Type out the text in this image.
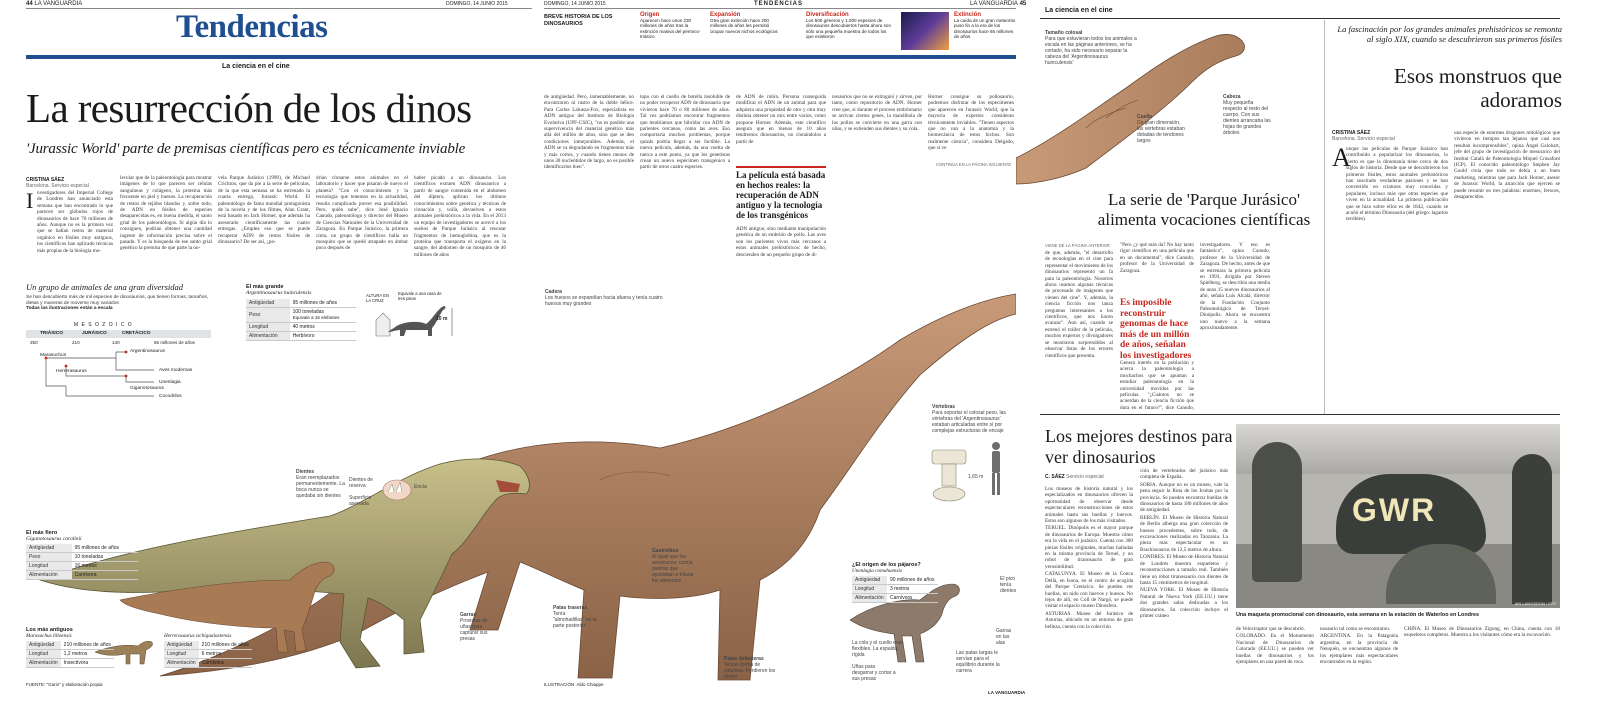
44 LA VANGUARDIA	DOMINGO, 14 JUNIO 2015
Tendencias
La ciencia en el cine
La resurrección de los dinos
'Jurassic World' parte de premisas científicas pero es técnicamente inviable
CRISTINA SÁEZ
Barcelona. Servicio especial
I nvestigadores del Imperial College de Londres han anunciado esta semana que han encontrado lo que parecen ser glóbulos rojos de dinosaurios de hace 70 millones de años. Aunque no es la primera vez que se hallan restos de material orgánico en fósiles muy antiguos, los científicos han aplicado técnicas más propias de la biología mo-
lecular que de la paleontología para mostrar imágenes de lo que parecen ser células sanguíneas y colágeno, la proteína más frecuente en piel y huesos. La recuperación de restos de tejidos blandos y, sobre todo, de ADN en fósiles de especies desaparecidas es, en buena medida, el santo grial de los paleontólogos. Si algún día lo consiguen, podrían obtener una cantidad ingente de información precisa sobre el pasado. Y es la búsqueda de ese santo grial genético la premisa de que parte la no-
vela Parque Jurásico (1990), de Michael Crichton, que da pie a la serie de películas, de la que esta semana se ha estrenado la cuarta entrega, Jurassic World. El paleontólogo de fama mundial protagonista de la novela y de los filmes, Alan Grant, está basado en Jack Horner, que además ha asesorado científicamente las cuatro entregas. ¿Emplea eso que se puede recuperar ADN de restos fósiles de dinosaurio? De ser así, ¿po-
drían clonarse estos animales en el laboratorio y hacer que pisaran de nuevo el planeta? "Con el conocimiento y la tecnología que tenemos en la actualidad, resulta complicado prever esa posibilidad. Pero, quién sabe", dice José Ignacio Canudo, paleontólogo y director del Museo de Ciencias Naturales de la Universidad de Zaragoza. En Parque Jurásico, la primera cinta, un grupo de científicos halla un mosquito que se quedó atrapado en ámbar poco después de
haber picado a un dinosaurio. Los científicos extraen ADN dinosaurico a partir de sangre contenida en el abdomen del díptero, aplican los últimos conocimientos sobre genética y técnicas de clonación y, voilà, devuelven a estos animales prehistóricos a la vida. En el 2013 un equipo de investigadores se acercó a los sueños de Parque Jurásico al rescatar fragmentos de hemoglobina, que es la proteína que transporta el oxígeno en la sangre, del abdomen de un mosquito de 46 millones de años
Un grupo de animales de una gran diversidad
Se han descubierto más de mil especies de dinosaurios, que tienen formas, tamaños, dietas y maneras de moverse muy variados
Todas las ilustraciones están a escala
M E S O Z O I C O
TRIÁSICO	JURÁSICO	CRETÁCICO
250	210	140	65 millones de años
Marasuchus
Herrerasaurus
Argentinosaurus
Aves modernas
Unenlagia
Giganotosaurus
Cocodrilos
El más grande
Argentinosaurus huinculensis
Antigüedad	95 millones de años
Peso	100 toneladas
Equivale a 16 elefantes
Longitud	40 metros
Alimentación	Herbívoro
ALTURA EN LA CRUZ
Equivale a una casa de tres pisos
10 m
El más fiero
Giganotosaurus carolinii
Antigüedad	95 millones de años
Peso	10 toneladas
Longitud	16 metros
Alimentación	Carnívora
Los más antiguos
Marasuchus lilloensis
Antigüedad	210 millones de años
Longitud	1,2 metros
Alimentación	Insectívora
Herrerasaurus ischigualastensis
Antigüedad	210 millones de años
Longitud	6 metros
Alimentación	Carnívora
Dientes
Eran reemplazados permanentemente. La boca nunca se quedaba sin dientes
Dientes de reserva
Superficie aserrada
Encía
Cadera
Los huesos se expandían hacia afuera y tenía cuatro huesos muy grandes
Gastrolitos
Al igual que los avestruces, comía piedras que ayudaban a triturar los alimentos
Garras
Provistas de uñas para capturar sus presas
Patas traseras
Tenía "almohadillas" en la parte posterior
Patas delanteras
Tenían forma de columna. Perdieron los dedos
Vértebras
Para soportar el colosal peso, las vértebras del 'Argentinosaurus' estaban articuladas entre sí por complejas estructuras de encaje
1,65 m
¿El origen de los pájaros?
Unenlagia comahuensis
Antigüedad	90 millones de años
Longitud	3 metros
Alimentación	Carnívora
La cola y el cuello eran flexibles. La espalda, rígida
Uñas para desgarrar y cortar a sus presas
El pico tenía dientes
Garras en las alas
Las patas largas le servían para el equilibrio durante la carrera
FUENTE: "Garin" y elaboración propia	ILUSTRACIÓN: Aldo Chiappe
DOMINGO, 14 JUNIO 2015	TENDENCIAS	LA VANGUARDIA 45
BREVE HISTORIA DE LOS DINOSAURIOS
Origen
Aparecen hace unos 230 millones de años tras la extinción masiva del pérmico-triásico
Expansión
Otra gran extinción hace 200 millones de años les permitió ocupar nuevos nichos ecológicos
Diversificación
Los 500 géneros y 1.000 especies de dinosaurios descubiertos hasta ahora son sólo una pequeña muestra de todos los que existieron
Extinción
La caída de un gran meteorito puso fin a la era de los dinosaurios hace 65 millones de años
de antigüedad. Pero, lamentablemente, no encontraron ni rastro de la doble hélice. Para Carlos Lalueza-Fox, especialista en ADN antiguo del Instituto de Biología Evolutiva (UPF-CSIC), "no es posible una supervivencia del material genético más allá del millón de años, sino que se den condiciones inmejorables. Además, el ADN se va degradando en fragmentos más y más cortos, y cuando tienes menos de unos 30 nucleótidos de largo, no es posible identificarlos bien".
topo con el cuello de botella insoluble de no poder recuperar ADN de dinosaurio que vivieron hace 70 o 80 millones de años. Tal vez podríamos encontrar fragmentos que tendríamos que hibridar con ADN de parientes cercanos, como las aves. Eso comportaría muchos problemas, porque quizás podría llegar a ser factible. La nueva película, además, da una vuelta de tuerca a este punto, ya que los genetistas crean un nuevo espécimen transgénico a partir de otros cuatro especies.
de ADN de rubín. Persona conseguida modificar el ADN de un animal para que adquiera una propiedad de otro y otra muy distinta obtener un mix entre varios, como propone Horner. Además, este científico asegura que en menos de 10 años tendremos dinosaurios, no clonándolos a partir de
La película está basada en hechos reales: la recuperación de ADN antiguo y la tecnología de los transgénicos
ADN antiguo, sino mediante manipulación genética de un embrión de pollo. Las aves son los parientes vivos más cercanos a estos animales prehistóricos: de hecho, descienden de un pequeño grupo de di-
nosaurios que no se extinguió y sirven, por tanto, como repositorio de ADN. Horner cree que, si durante el proceso embrionario se activan ciertos genes, la mandíbula de los pollos se convierte en una garra con uñas, y se extienden sus dientes y su cola.
Horner consigue su pollosaurio, podremos disfrutar de los especímenes que aparecen en Jurassic World, que la mayoría de expertos consideran técnicamente inviables. "Tienen aspectos que no van a la anatomía y la biomecánica de estos bichos. Son realmente ciencia", considera Delgado, que sí ve
CONTINÚA EN LA PÁGINA SIGUIENTE
La ciencia en el cine
Tamaño colosal
Para que estuvieran todos los animales a escala en las páginas anteriores, se ha cortado, ha sido necesario separar la cabeza del 'Argentinosaurus huinculensis'
Cabeza
Muy pequeña respecto al resto del cuerpo. Con sus dientes arrancaba las hojas de grandes árboles
Cuello
De gran dimensión, las vértebras estaban dotadas de tendones largos
La serie de 'Parque Jurásico' alimenta vocaciones científicas
VIENE DE LA PÁGINA ANTERIOR
de que, además, "el desarrollo de tecnologías en el cine para representar el movimiento de los dinosaurios representó un fa para la paleontología. Nosotros ahora usamos algunas técnicas de procesado de imágenes que vienen del cine". Y, además, la ciencia ficción nos lanza preguntas interesantes a los científicos, que nos hacen avanzar". Aun así, cuando se estrenó el tráiler de la película, muchos expertos y divulgadores se mostraron sorprendidos al observar listas de los errores científicos que presenta.
"Pero ¿y qué más da? No hay tanto rigor científico en una película que en un documental", dice Canudo, profesor de la Universidad de Zaragoza.
Es imposible reconstruir genomas de hace más de un millón de años, señalan los investigadores
Genera interés en la población y acerca la paleontología a muchachos que se apuntan a estudiar paleontología en la universidad movidos por las películas. "¿Cuántos no se acuerdan de la ciencia ficción que dura en el futuro?", dice Canudo,
investigadores. Y eso es fantástico", opina Canudo, profesor de la Universidad de Zaragoza. De hecho, antes de que se estrenara la primera película en 1993, dirigida por Steven Spielberg, se describía una media de unos 15 nuevos dinosaurios al año, señala Luis Alcalá, director de la Fundación Conjunto Paleontológico de Teruel-Dinópolis. Ahora se encuentra uno nuevo a la semana aproximadamente.
La fascinación por los grandes animales prehistóricos se remonta al siglo XIX, cuando se descubrieron sus primeros fósiles
Esos monstruos que adoramos
CRISTINA SÁEZ
Barcelona. Servicio especial
A
unque las películas de Parque Jurásico han contribuido a popularizar los dinosaurios, lo cierto es que la dinomanía tiene cerca de dos siglos de historia. Desde que se descubrieron los primeros fósiles, estos animales prehistóricos han suscitado verdaderas pasiones y se han convertido en criaturas muy conocidas y populares, incluso más que otras especies que viven en la actualidad. La primera publicación que se hizo sobre ellos es de 1842, cuando se acuñó el término Dinosauria (del griego: lagartos terribles).
una especie de enormes dragones mitológicos que vivieron en tiempos tan lejanos que casi nos resultan incomprensibles", opina Ángel Galobart, jefe del grupo de investigación de mesozoico del Institut Català de Paleontologia Miquel Crusafont (ICP). El conocido paleontólogo Stephen Jay Gould creía que todo se debía a un buen marketing, mientras que para Jack Horner, asesor de Jurassic World, la atracción que ejercen se puede resumir en tres palabras: enormes, feroces, desaparecidos.
Los mejores destinos para ver dinosaurios
C. SÁEZ Servicio especial

Los museos de historia natural y los especializados en dinosaurios ofrecen la oportunidad de observar desde espectaculares reconstrucciones de estos animales hasta sus huellas y huevos. Estos son algunos de los más visitados.

TERUEL. Dinópolis es el mayor parque de dinosaurios de Europa. Muestra cómo era la vida en el jurásico. Cuenta con 300 piezas fósiles originales, muchas halladas en la misma provincia de Teruel, y un robot de tiranosaurio de gran verosimilitud.

CATALUNYA. El Museo de la Conca Dellà, en Isona, en el centro de acogida del Parque Cretácico. Se pueden ver huellas, un nido con huevos y huesos. No lejos de allí, en Coll de Nargó, se puede visitar el espacio museo Dinosfera.

ASTURIAS. Museo del Jurásico de Asturias, ubicado en un entorno de gran belleza, cuenta con la colección

ción de vertebrados del jurásico más completa de España.

SORIA. Aunque no es un museo, vale la pena seguir la Ruta de los Icnitas por la provincia. Se pueden encontrar huellas de dinosaurios de hasta 180 millones de años de antigüedad.

BERLÍN. El Museo de Historia Natural de Berlín alberga una gran colección de huesos procedentes, sobre todo, de excavaciones realizadas en Tanzania. La pieza más espectacular es un Brachiosaurus de 12,5 metros de altura.

LONDRES. El Museo de Historia Natural de Londres muestra esqueletos y reconstrucciones a tamaño real. También tiene un robot tiranosaurio con dientes de hasta 15 centímetros de longitud.

NUEVA YORK. El Museo de Historia Natural de Nueva York (EE.UU.) tiene dos grandes salas dedicadas a los dinosaurios. Su colección incluye el primer cráneo

GWR
IAN LANGSDON / EFE
Una maqueta promocional con dinosaurio, esta semana en la estación de Waterloo en Londres

de Velociraptor que se descubrió.

COLORADO. En el Monumento Nacional de Dinosaurios de Colorado (EE.UU.) se pueden ver huellas de dinosaurios y los ejemplares en una pared de roca.

nosaurio tal como se encontraron.

ARGENTINA. En la Patagonia argentina, en la provincia de Neuquén, se encuentran algunos de los ejemplares más espectaculares encontrados en la región.

CHINA. El Museo de Dinosaurios Zigong, en China, cuenta con 18 esqueletos completos. Muestra a los visitantes cómo era la excavación.

LA VANGUARDIA
